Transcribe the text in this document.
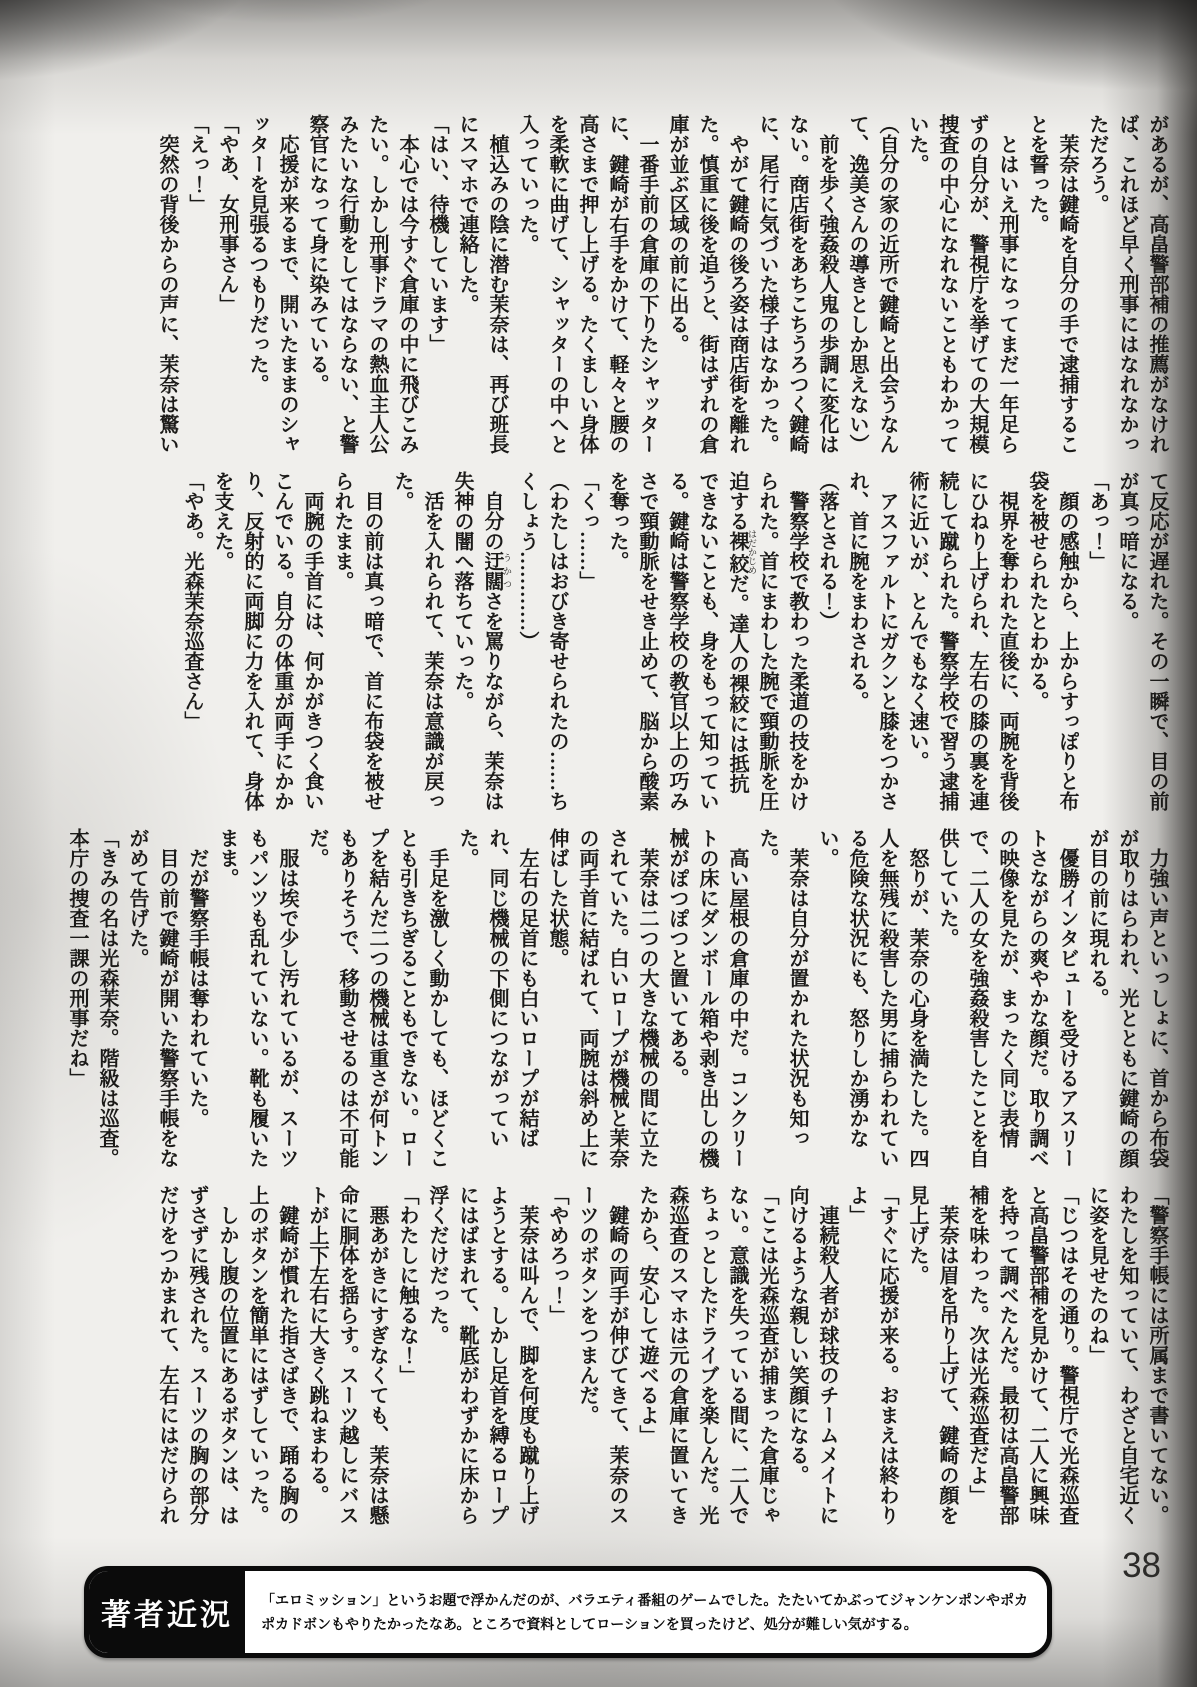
があるが、高畠警部補の推薦がなければ、これほど早く刑事にはなれなかっただろう。

　茉奈は鍵崎を自分の手で逮捕することを誓った。

　とはいえ刑事になってまだ一年足らずの自分が、警視庁を挙げての大規模捜査の中心になれないこともわかっていた。

（自分の家の近所で鍵崎と出会うなんて、逸美さんの導きとしか思えない）

　前を歩く強姦殺人鬼の歩調に変化はない。商店街をあちこちうろつく鍵崎に、尾行に気づいた様子はなかった。

　やがて鍵崎の後ろ姿は商店街を離れた。慎重に後を追うと、街はずれの倉庫が並ぶ区域の前に出る。

　一番手前の倉庫の下りたシャッターに、鍵崎が右手をかけて、軽々と腰の高さまで押し上げる。たくましい身体を柔軟に曲げて、シャッターの中へと入っていった。

　植込みの陰に潜む茉奈は、再び班長にスマホで連絡した。

「はい、待機しています」

　本心では今すぐ倉庫の中に飛びこみたい。しかし刑事ドラマの熱血主人公みたいな行動をしてはならない、と警察官になって身に染みている。

　応援が来るまで、開いたままのシャッターを見張るつもりだった。

「やあ、女刑事さん」

「えっ！」

　突然の背後からの声に、茉奈は驚い

て反応が遅れた。その一瞬で、目の前が真っ暗になる。

「あっ！」

　顔の感触から、上からすっぽりと布袋を被せられたとわかる。

　視界を奪われた直後に、両腕を背後にひねり上げられ、左右の膝の裏を連続して蹴られた。警察学校で習う逮捕術に近いが、とんでもなく速い。

　アスファルトにガクンと膝をつかされ、首に腕をまわされる。

（落とされる！）

　警察学校で教わった柔道の技をかけられた。首にまわした腕で頸動脈を圧迫する裸絞 はだかじめだ。達人の裸絞には抵抗できないことも、身をもって知っている。鍵崎は警察学校の教官以上の巧みさで頸動脈をせき止めて、脳から酸素を奪った。

「くっ……」

（わたしはおびき寄せられたの……ちくしょう…………）

　自分の迂闊 うかつさを罵りながら、茉奈は失神の闇へ落ちていった。

　活を入れられて、茉奈は意識が戻った。

　目の前は真っ暗で、首に布袋を被せられたまま。

　両腕の手首には、何かがきつく食いこんでいる。自分の体重が両手にかかり、反射的に両脚に力を入れて、身体を支えた。

「やあ。光森茉奈巡査さん」

　力強い声といっしょに、首から布袋が取りはらわれ、光とともに鍵崎の顔が目の前に現れる。

　優勝インタビューを受けるアスリートさながらの爽やかな顔だ。取り調べの映像を見たが、まったく同じ表情で、二人の女を強姦殺害したことを自供していた。

　怒りが、茉奈の心身を満たした。四人を無残に殺害した男に捕らわれている危険な状況にも、怒りしか湧かない。

　茉奈は自分が置かれた状況も知った。

　高い屋根の倉庫の中だ。コンクリートの床にダンボール箱や剥き出しの機械がぽつぽつと置いてある。

　茉奈は二つの大きな機械の間に立たされていた。白いロープが機械と茉奈の両手首に結ばれて、両腕は斜め上に伸ばした状態。

　左右の足首にも白いロープが結ばれ、同じ機械の下側につながっていた。

　手足を激しく動かしても、ほどくことも引きちぎることもできない。ロープを結んだ二つの機械は重さが何トンもありそうで、移動させるのは不可能だ。

　服は埃で少し汚れているが、スーツもパンツも乱れていない。靴も履いたまま。

　だが警察手帳は奪われていた。

　目の前で鍵崎が開いた警察手帳をながめて告げた。

「きみの名は光森茉奈。階級は巡査。本庁の捜査一課の刑事だね」

「警察手帳には所属まで書いてない。わたしを知っていて、わざと自宅近くに姿を見せたのね」

「じつはその通り。警視庁で光森巡査と高畠警部補を見かけて、二人に興味を持って調べたんだ。最初は高畠警部補を味わった。次は光森巡査だよ」

　茉奈は眉を吊り上げて、鍵崎の顔を見上げた。

「すぐに応援が来る。おまえは終わりよ」

　連続殺人者が球技のチームメイトに向けるような親しい笑顔になる。

「ここは光森巡査が捕まった倉庫じゃない。意識を失っている間に、二人でちょっとしたドライブを楽しんだ。光森巡査のスマホは元の倉庫に置いてきたから、安心して遊べるよ」

　鍵崎の両手が伸びてきて、茉奈のスーツのボタンをつまんだ。

「やめろっ！」

　茉奈は叫んで、脚を何度も蹴り上げようとする。しかし足首を縛るロープにはばまれて、靴底がわずかに床から浮くだけだった。

「わたしに触るな！」

　悪あがきにすぎなくても、茉奈は懸命に胴体を揺らす。スーツ越しにバストが上下左右に大きく跳ねまわる。

　鍵崎が慣れた指さばきで、踊る胸の上のボタンを簡単にはずしていった。

　しかし腹の位置にあるボタンは、はずさずに残された。スーツの胸の部分だけをつかまれて、左右にはだけられ

38
著者近況	「エロミッション」というお題で浮かんだのが、バラエティ番組のゲームでした。たたいてかぶってジャンケンポンやポカポカドボンもやりたかったなあ。ところで資料としてローションを買ったけど、処分が難しい気がする。
